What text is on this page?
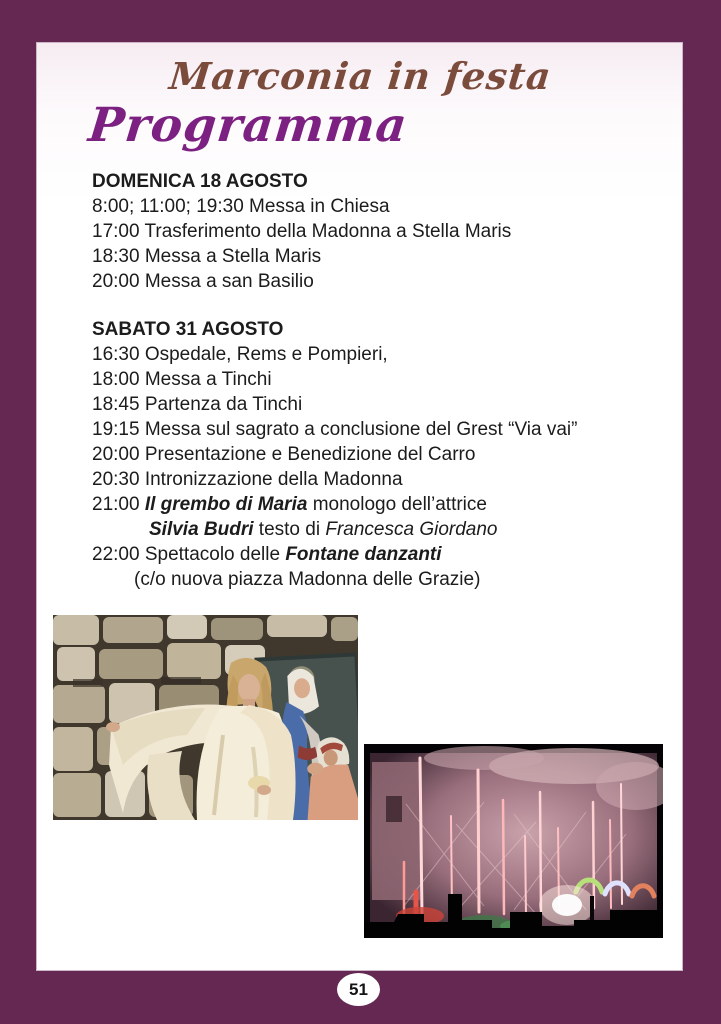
Marconia in festa
Programma
DOMENICA 18 AGOSTO
8:00; 11:00; 19:30 Messa in Chiesa
17:00 Trasferimento della Madonna a Stella Maris
18:30 Messa a Stella Maris
20:00 Messa a san Basilio
SABATO 31 AGOSTO
16:30 Ospedale, Rems e Pompieri,
18:00 Messa a Tinchi
18:45 Partenza da Tinchi
19:15 Messa sul sagrato a conclusione del Grest “Via vai”
20:00 Presentazione e Benedizione del Carro
20:30 Intronizzazione della Madonna
21:00 Il grembo di Maria monologo dell’attrice
Silvia Budri testo di Francesca Giordano
22:00 Spettacolo delle Fontane danzanti
(c/o nuova piazza Madonna delle Grazie)
51
